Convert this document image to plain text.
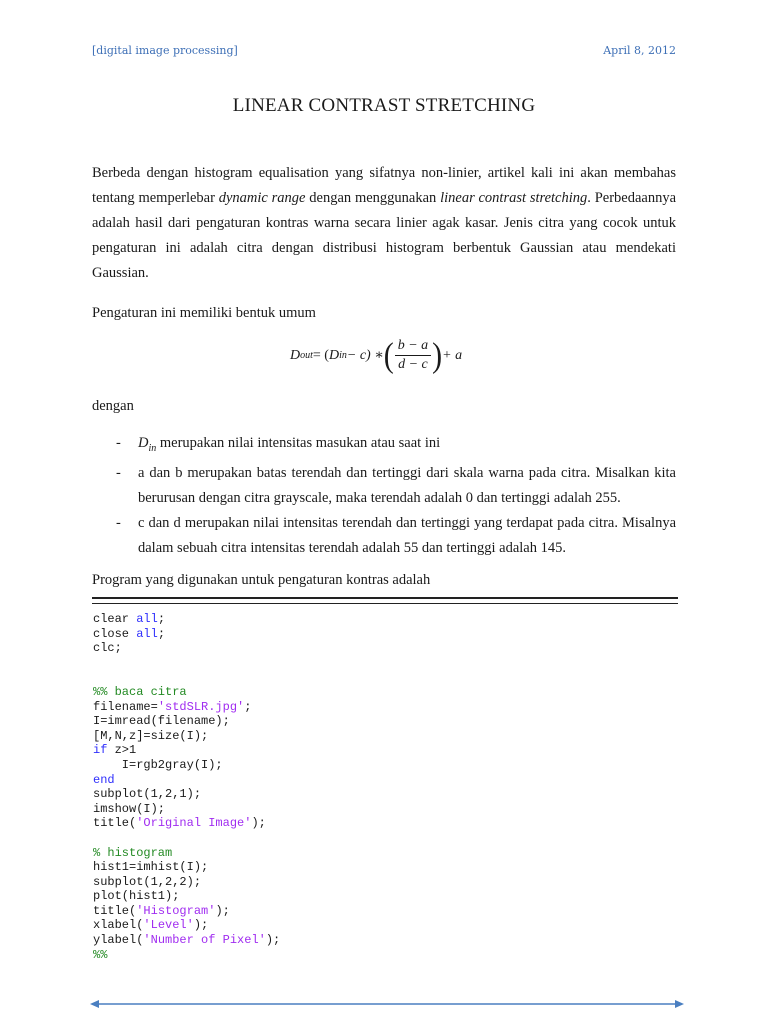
[digital image processing]	April 8, 2012
LINEAR CONTRAST STRETCHING
Berbeda dengan histogram equalisation yang sifatnya non-linier, artikel kali ini akan membahas tentang memperlebar dynamic range dengan menggunakan linear contrast stretching. Perbedaannya adalah hasil dari pengaturan kontras warna secara linier agak kasar. Jenis citra yang cocok untuk pengaturan ini adalah citra dengan distribusi histogram berbentuk Gaussian atau mendekati Gaussian.
Pengaturan ini memiliki bentuk umum
D out = ( D in − c) ∗ ( $\frac{b - a}{d - c}$ ) + a
dengan
- $D_{in}$ merupakan nilai intensitas masukan atau saat ini
- a dan b merupakan batas terendah dan tertinggi dari skala warna pada citra. Misalkan kita berurusan dengan citra grayscale, maka terendah adalah 0 dan tertinggi adalah 255.
- c dan d merupakan nilai intensitas terendah dan tertinggi yang terdapat pada citra. Misalnya dalam sebuah citra intensitas terendah adalah 55 dan tertinggi adalah 145.
Program yang digunakan untuk pengaturan kontras adalah
clear all;
close all;
clc;

%% baca citra
filename='stdSLR.jpg';
I=imread(filename);
[M,N,z]=size(I);
if z>1
I=rgb2gray(I);
end
subplot(1,2,1);
imshow(I);
title('Original Image');

% histogram
hist1=imhist(I);
subplot(1,2,2);
plot(hist1);
title('Histogram');
xlabel('Level');
ylabel('Number of Pixel');
%%
